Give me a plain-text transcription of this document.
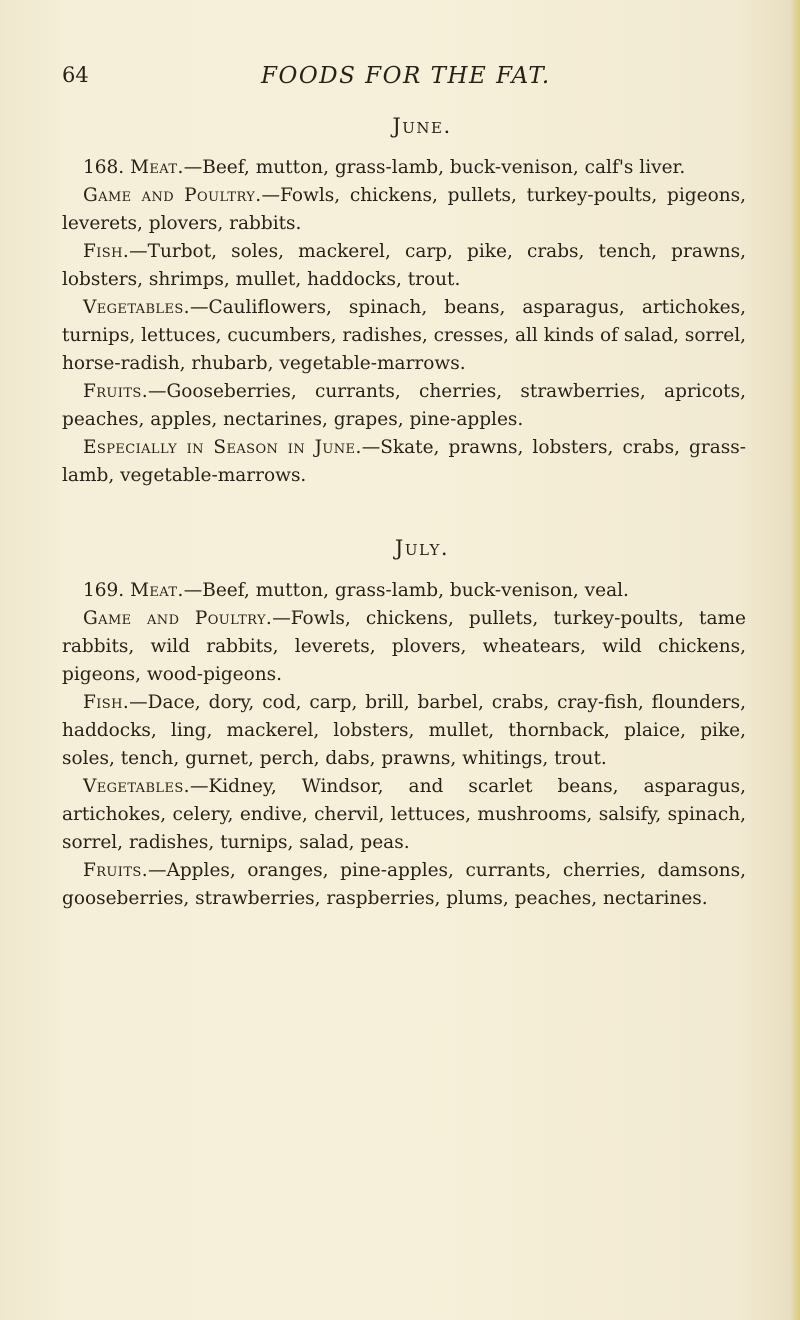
64	FOODS FOR THE FAT.
June.

168. Meat.—Beef, mutton, grass-lamb, buck-venison, calf's liver.

Game and Poultry.—Fowls, chickens, pullets, turkey-poults, pigeons, leverets, plovers, rabbits.

Fish.—Turbot, soles, mackerel, carp, pike, crabs, tench, prawns, lobsters, shrimps, mullet, haddocks, trout.

Vegetables.—Cauliflowers, spinach, beans, asparagus, artichokes, turnips, lettuces, cucumbers, radishes, cresses, all kinds of salad, sorrel, horse-radish, rhubarb, vegetable-marrows.

Fruits.—Gooseberries, currants, cherries, strawberries, apricots, peaches, apples, nectarines, grapes, pine-apples.

Especially in Season in June.—Skate, prawns, lobsters, crabs, grass-lamb, vegetable-marrows.

July.

169. Meat.—Beef, mutton, grass-lamb, buck-venison, veal.

Game and Poultry.—Fowls, chickens, pullets, turkey-poults, tame rabbits, wild rabbits, leverets, plovers, wheatears, wild chickens, pigeons, wood-pigeons.

Fish.—Dace, dory, cod, carp, brill, barbel, crabs, cray-fish, flounders, haddocks, ling, mackerel, lobsters, mullet, thornback, plaice, pike, soles, tench, gurnet, perch, dabs, prawns, whitings, trout.

Vegetables.—Kidney, Windsor, and scarlet beans, asparagus, artichokes, celery, endive, chervil, lettuces, mushrooms, salsify, spinach, sorrel, radishes, turnips, salad, peas.

Fruits.—Apples, oranges, pine-apples, currants, cherries, damsons, gooseberries, strawberries, raspberries, plums, peaches, nectarines.
